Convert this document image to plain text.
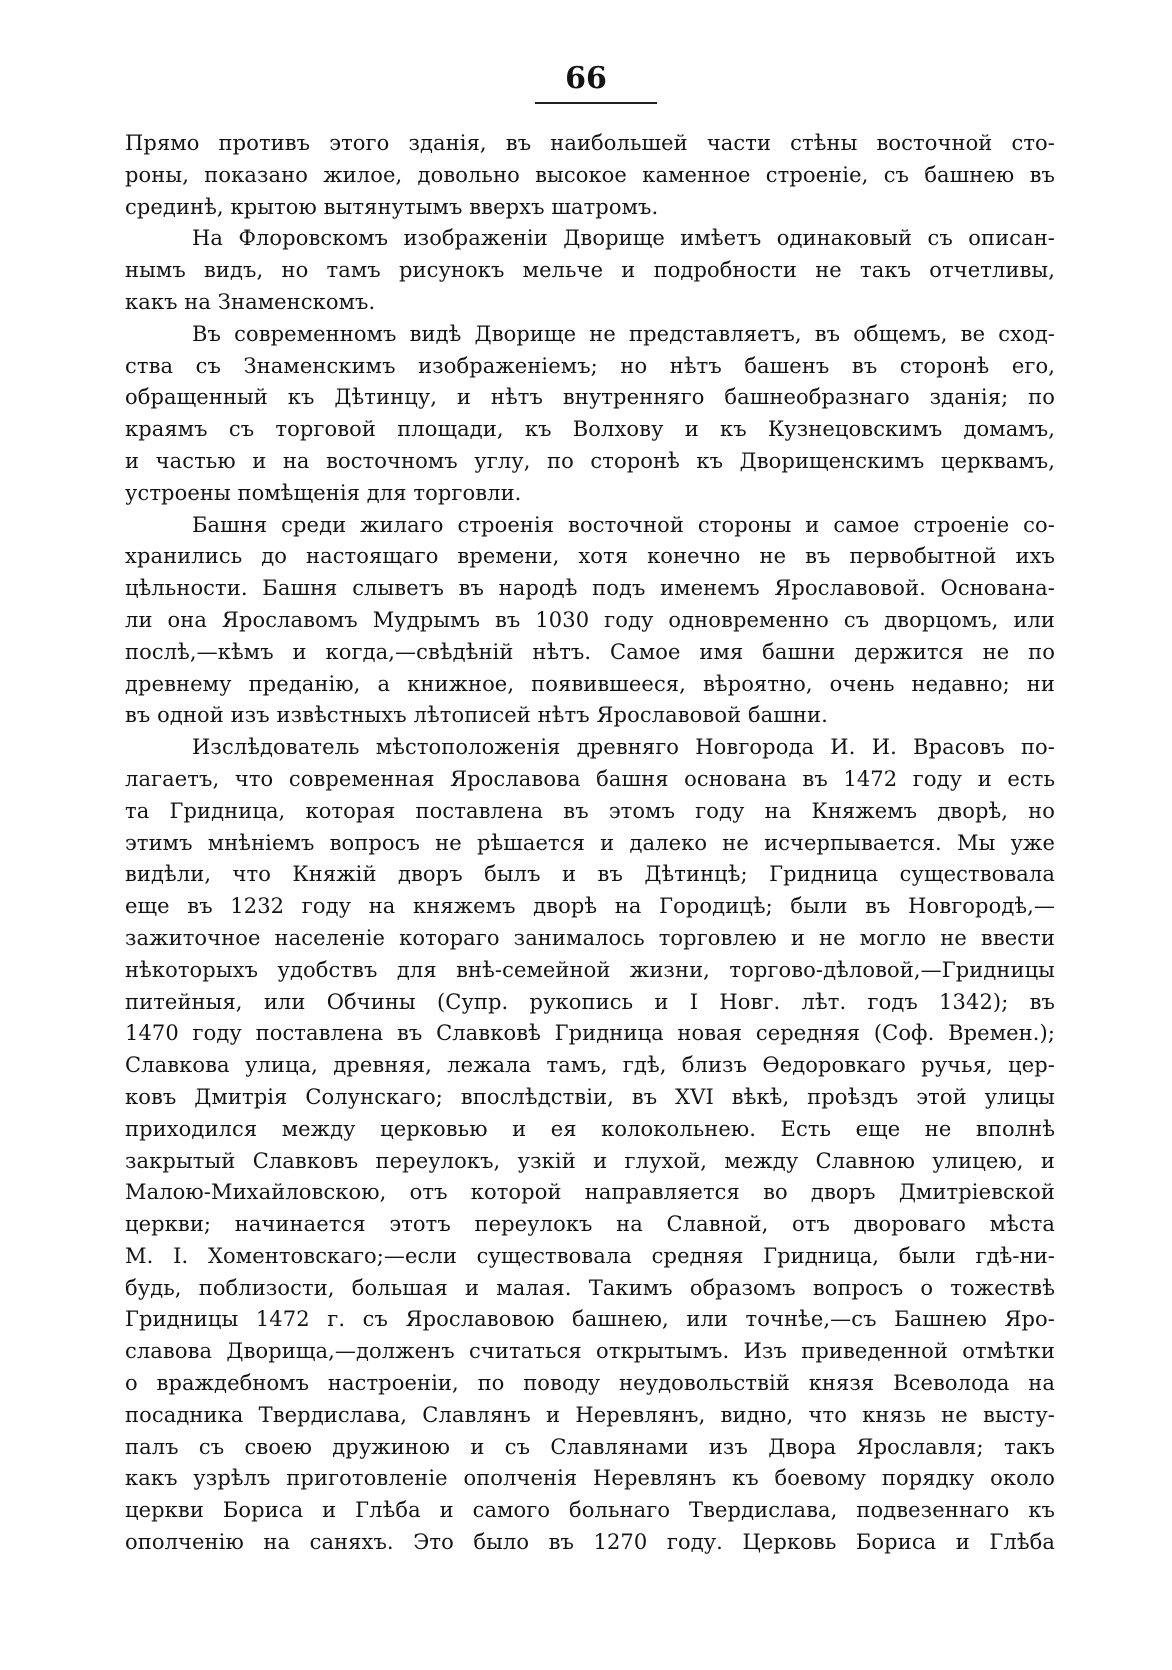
66
Прямо противъ этого зданія, въ наибольшей части стѣны восточной сто-
роны, показано жилое, довольно высокое каменное строеніе, съ башнею въ
срединѣ, крытою вытянутымъ вверхъ шатромъ.
На Флоровскомъ изображеніи Дворище имѣетъ одинаковый съ описан-
нымъ видъ, но тамъ рисунокъ мельче и подробности не такъ отчетливы,
какъ на Знаменскомъ.
Въ современномъ видѣ Дворище не представляетъ, въ общемъ, ве сход-
ства съ Знаменскимъ изображеніемъ; но нѣтъ башенъ въ сторонѣ его,
обращенный къ Дѣтинцу, и нѣтъ внутренняго башнеобразнаго зданія; по
краямъ съ торговой площади, къ Волхову и къ Кузнецовскимъ домамъ,
и частью и на восточномъ углу, по сторонѣ къ Дворищенскимъ церквамъ,
устроены помѣщенія для торговли.
Башня среди жилаго строенія восточной стороны и самое строеніе со-
хранились до настоящаго времени, хотя конечно не въ первобытной ихъ
цѣльности. Башня слыветъ въ народѣ подъ именемъ Ярославовой. Основана-
ли она Ярославомъ Мудрымъ въ 1030 году одновременно съ дворцомъ, или
послѣ,—кѣмъ и когда,—свѣдѣній нѣтъ. Самое имя башни держится не по
древнему преданію, а книжное, появившееся, вѣроятно, очень недавно; ни
въ одной изъ извѣстныхъ лѣтописей нѣтъ Ярославовой башни.
Изслѣдователь мѣстоположенія древняго Новгорода И. И. Врасовъ по-
лагаетъ, что современная Ярославова башня основана въ 1472 году и есть
та Гридница, которая поставлена въ этомъ году на Княжемъ дворѣ, но
этимъ мнѣніемъ вопросъ не рѣшается и далеко не исчерпывается. Мы уже
видѣли, что Княжій дворъ былъ и въ Дѣтинцѣ; Гридница существовала
еще въ 1232 году на княжемъ дворѣ на Городицѣ; были въ Новгородѣ,—
зажиточное населеніе котораго занималось торговлею и не могло не ввести
нѣкоторыхъ удобствъ для внѣ-семейной жизни, торгово-дѣловой,—Гридницы
питейныя, или Обчины (Супр. рукопись и I Новг. лѣт. годъ 1342); въ
1470 году поставлена въ Славковѣ Гридница новая середняя (Соф. Времен.);
Славкова улица, древняя, лежала тамъ, гдѣ, близъ Ѳедоровкаго ручья, цер-
ковъ Дмитрія Солунскаго; впослѣдствіи, въ XVI вѣкѣ, проѣздъ этой улицы
приходился между церковью и ея колокольнею. Есть еще не вполнѣ
закрытый Славковъ переулокъ, узкій и глухой, между Славною улицею, и
Малою-Михайловскою, отъ которой направляется во дворъ Дмитріевской
церкви; начинается этотъ переулокъ на Славной, отъ двороваго мѣста
М. I. Хоментовскаго;—если существовала средняя Гридница, были гдѣ-ни-
будь, поблизости, большая и малая. Такимъ образомъ вопросъ о тожествѣ
Гридницы 1472 г. съ Ярославовою башнею, или точнѣе,—съ Башнею Яро-
славова Дворища,—долженъ считаться открытымъ. Изъ приведенной отмѣтки
о враждебномъ настроеніи, по поводу неудовольствій князя Всеволода на
посадника Твердислава, Славлянъ и Неревлянъ, видно, что князь не высту-
палъ съ своею дружиною и съ Славлянами изъ Двора Ярославля; такъ
какъ узрѣлъ приготовленіе ополченія Неревлянъ къ боевому порядку около
церкви Бориса и Глѣба и самого больнаго Твердислава, подвезеннаго къ
ополченію на саняхъ. Это было въ 1270 году. Церковь Бориса и Глѣба
